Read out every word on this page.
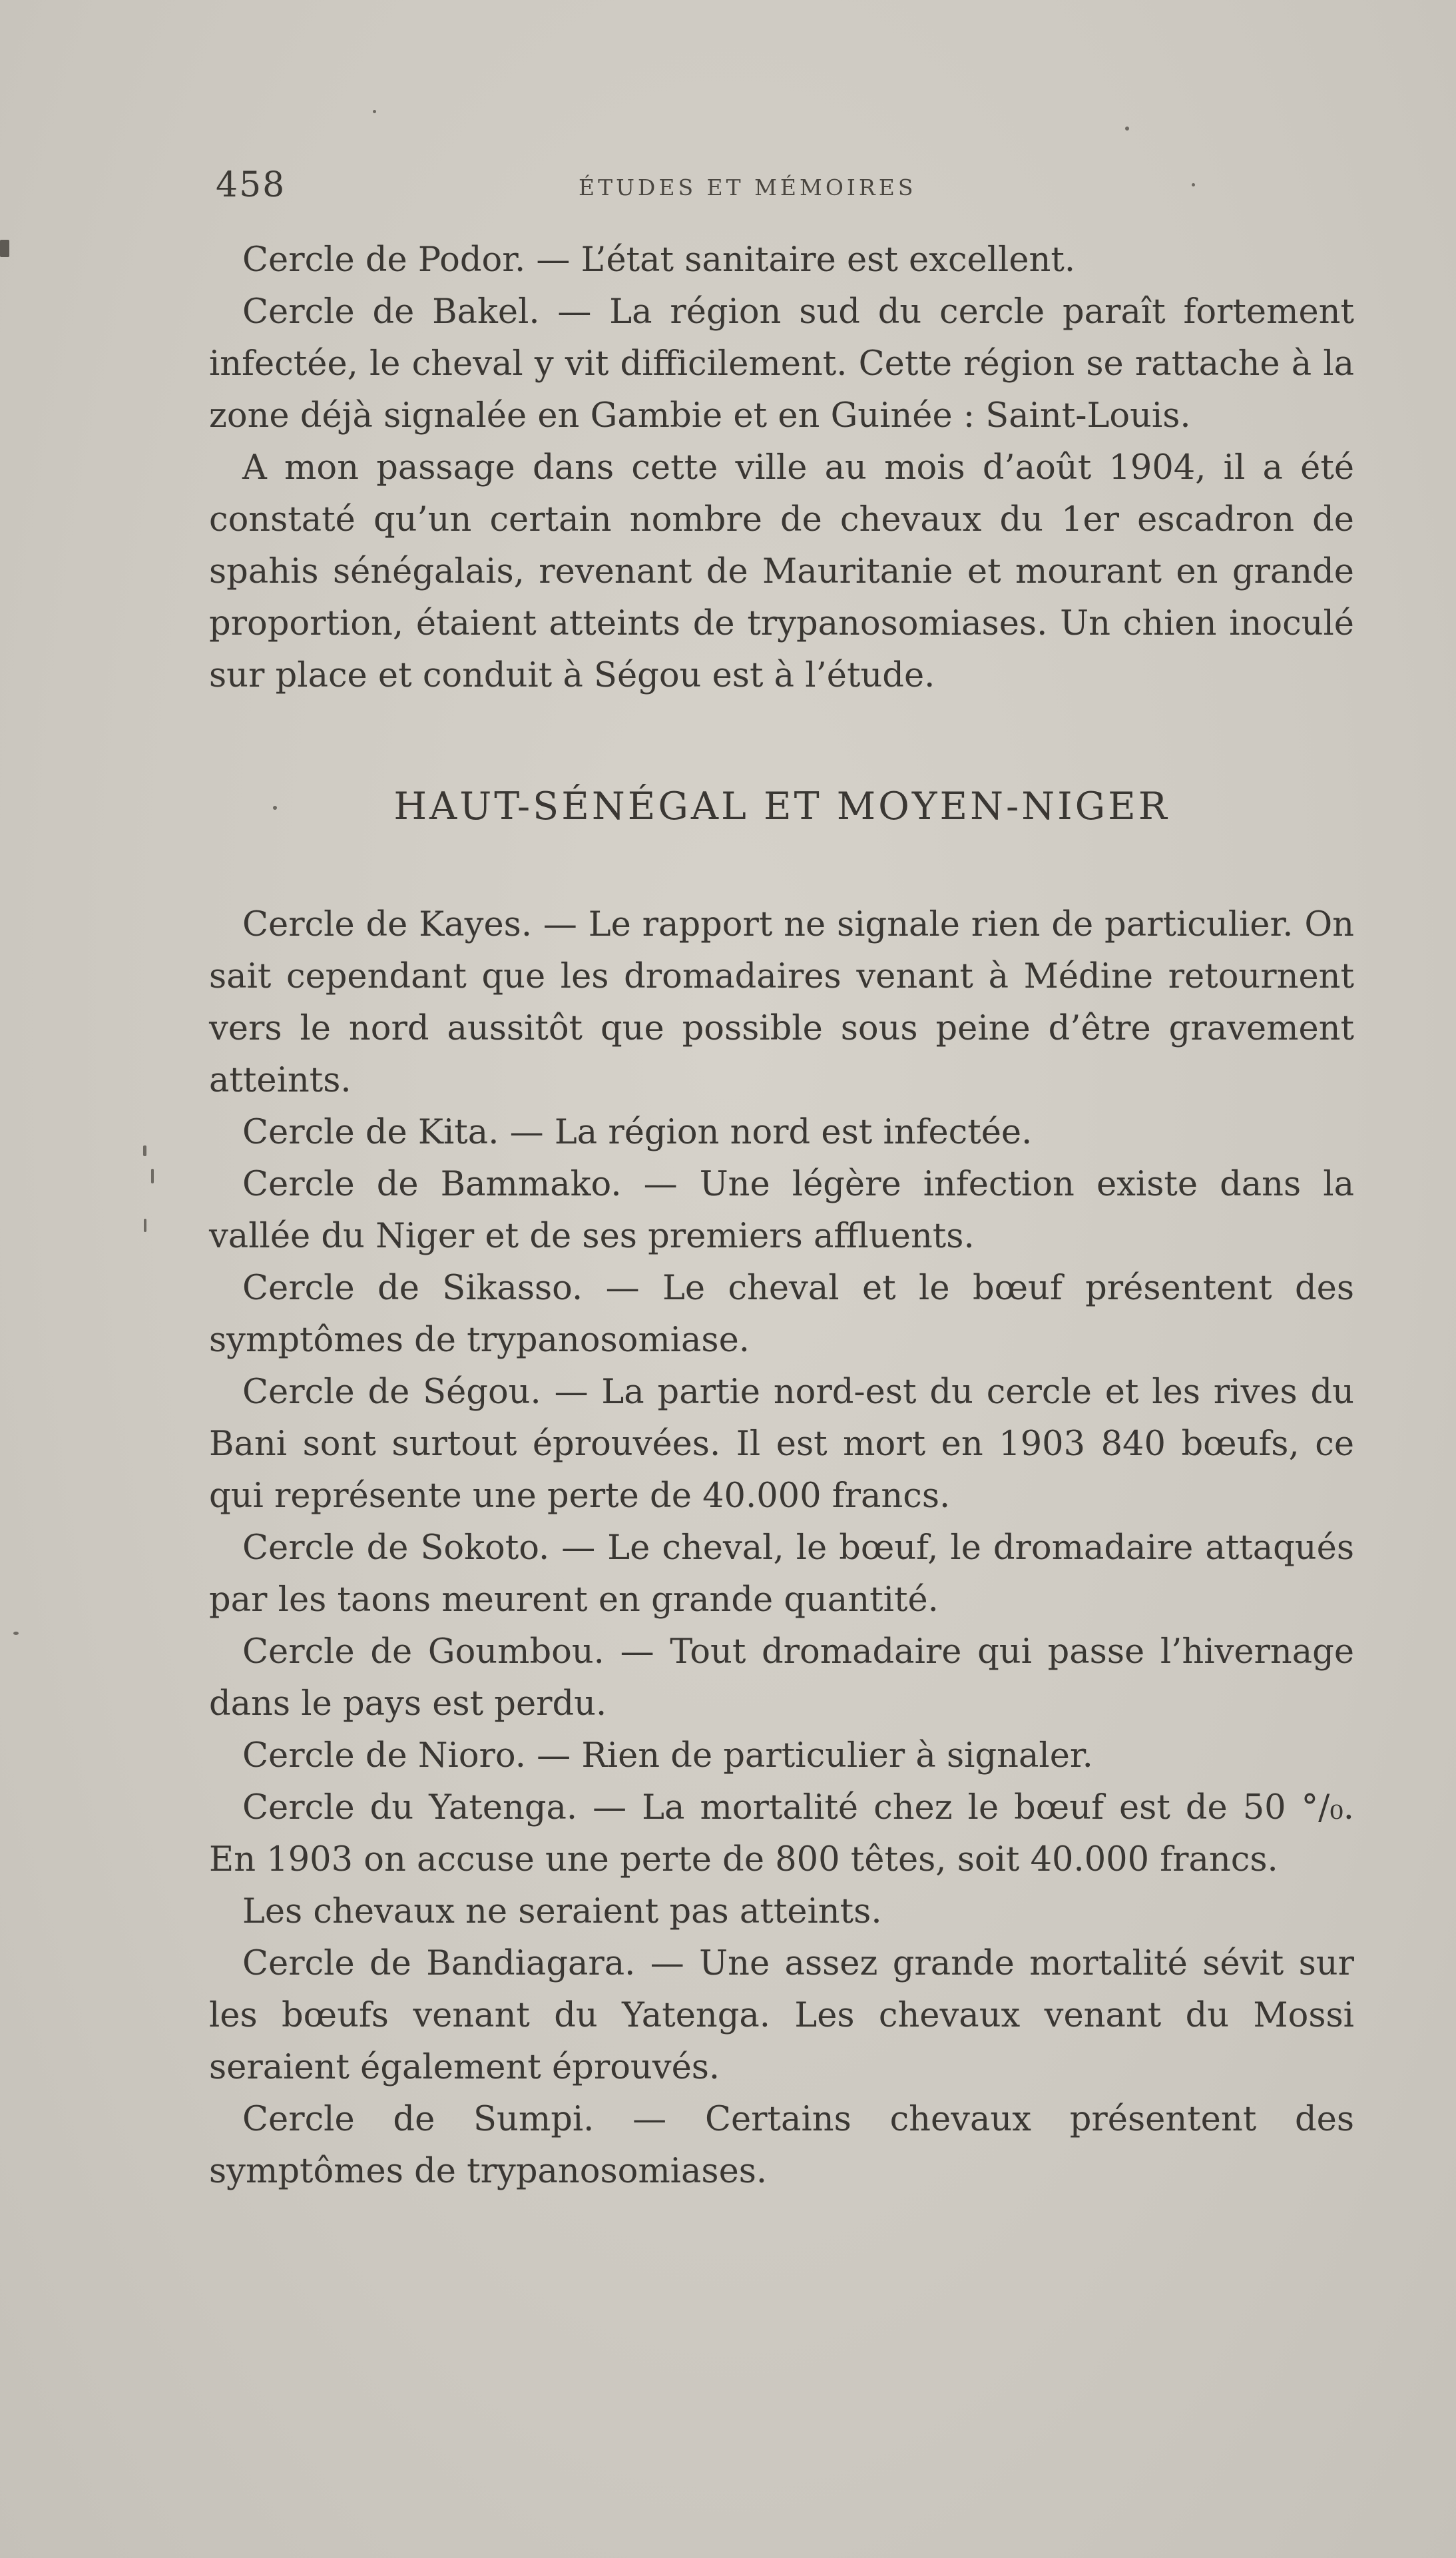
458	ÉTUDES ET MÉMOIRES

Cercle de Podor. — L’état sanitaire est excellent.

Cercle de Bakel. — La région sud du cercle paraît fortement infectée, le cheval y vit difficilement. Cette région se rattache à la zone déjà signalée en Gambie et en Guinée : Saint-Louis.

A mon passage dans cette ville au mois d’août 1904, il a été constaté qu’un certain nombre de chevaux du 1er escadron de spahis sénégalais, revenant de Mauritanie et mourant en grande proportion, étaient atteints de trypanosomiases. Un chien inoculé sur place et conduit à Ségou est à l’étude.

HAUT-SÉNÉGAL ET MOYEN-NIGER

Cercle de Kayes. — Le rapport ne signale rien de particulier. On sait cependant que les dromadaires venant à Médine retournent vers le nord aussitôt que possible sous peine d’être gravement atteints.

Cercle de Kita. — La région nord est infectée.

Cercle de Bammako. — Une légère infection existe dans la vallée du Niger et de ses premiers affluents.

Cercle de Sikasso. — Le cheval et le bœuf présentent des symptômes de trypanosomiase.

Cercle de Ségou. — La partie nord-est du cercle et les rives du Bani sont surtout éprouvées. Il est mort en 1903 840 bœufs, ce qui représente une perte de 40.000 francs.

Cercle de Sokoto. — Le cheval, le bœuf, le dromadaire attaqués par les taons meurent en grande quantité.

Cercle de Goumbou. — Tout dromadaire qui passe l’hivernage dans le pays est perdu.

Cercle de Nioro. — Rien de particulier à signaler.

Cercle du Yatenga. — La mortalité chez le bœuf est de 50 °/₀. En 1903 on accuse une perte de 800 têtes, soit 40.000 francs.

Les chevaux ne seraient pas atteints.

Cercle de Bandiagara. — Une assez grande mortalité sévit sur les bœufs venant du Yatenga. Les chevaux venant du Mossi seraient également éprouvés.

Cercle de Sumpi. — Certains chevaux présentent des symptômes de trypanosomiases.
